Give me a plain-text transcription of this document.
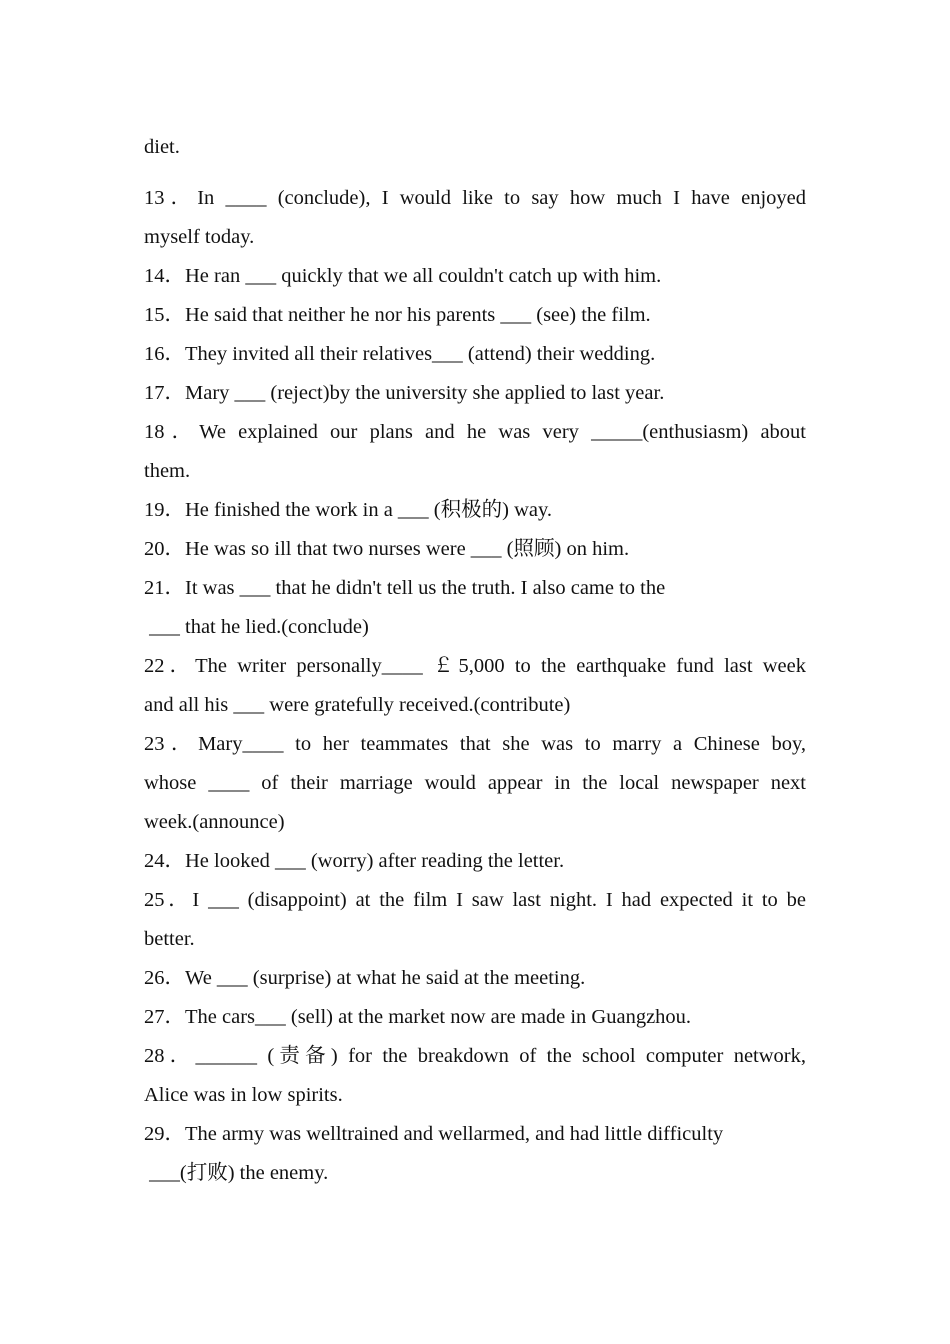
diet.
13．In ____ (conclude), I would like to say how much I have enjoyed
myself today.
14．He ran ___ quickly that we all couldn't catch up with him.
15．He said that neither he nor his parents ___ (see) the film.
16．They invited all their relatives___ (attend) their wedding.
17．Mary ___ (reject)by the university she applied to last year.
18．We explained our plans and he was very _____(enthusiasm) about
them.
19．He finished the work in a ___ (积极的) way.
20．He was so ill that two nurses were ___ (照顾) on him.
21．It was ___ that he didn't tell us the truth. I also came to the
___ that he lied.(conclude)
22．The writer personally____ ￡5,000 to the earthquake fund last week
and all his ___ were gratefully received.(contribute)
23．Mary____ to her teammates that she was to marry a Chinese boy,
whose ____ of their marriage would appear in the local newspaper next
week.(announce)
24．He looked ___ (worry) after reading the letter.
25．I ___ (disappoint) at the film I saw last night. I had expected it to be
better.
26．We ___ (surprise) at what he said at the meeting.
27．The cars___ (sell) at the market now are made in Guangzhou.
28．______ (责备) for the breakdown of the school computer network,
Alice was in low spirits.
29．The army was welltrained and wellarmed, and had little difficulty
___(打败) the enemy.
